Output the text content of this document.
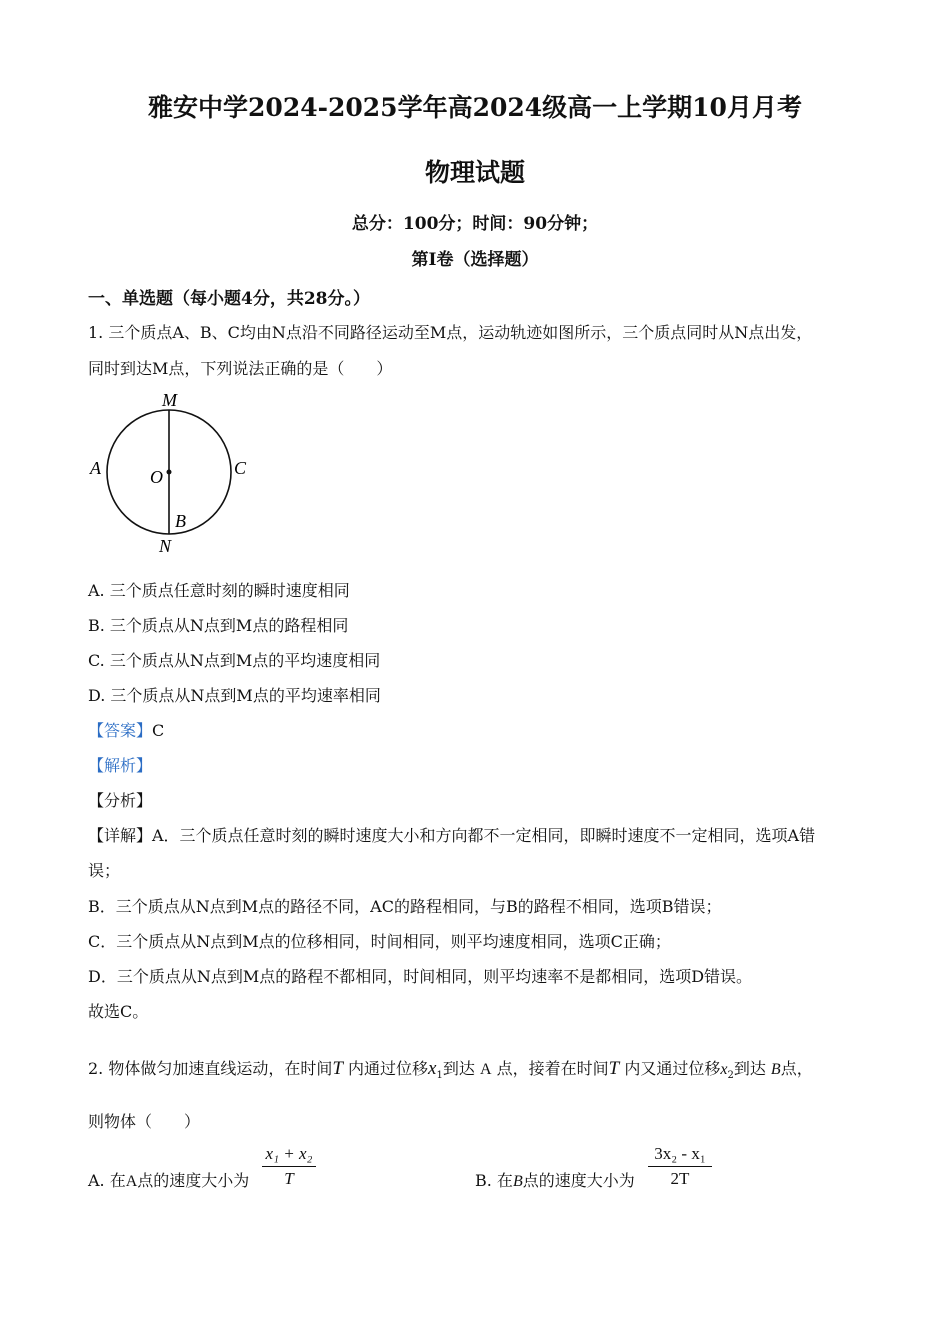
雅安中学2024-2025学年高2024级高一上学期10月月考
物理试题
总分：100分；时间：90分钟；
第I卷（选择题）
一、单选题（每小题4分，共28分。）
1. 三个质点A、B、C均由N点沿不同路径运动至M点，运动轨迹如图所示，三个质点同时从N点出发，
同时到达M点，下列说法正确的是（　　）
M
A	O	C
B
N
A. 三个质点任意时刻的瞬时速度相同
B. 三个质点从N点到M点的路程相同
C. 三个质点从N点到M点的平均速度相同
D. 三个质点从N点到M点的平均速率相同
【答案】C
【解析】
【分析】
【详解】A．三个质点任意时刻的瞬时速度大小和方向都不一定相同，即瞬时速度不一定相同，选项A错
误；
B．三个质点从N点到M点的路径不同，AC的路程相同，与B的路程不相同，选项B错误；
C．三个质点从N点到M点的位移相同，时间相同，则平均速度相同，选项C正确；
D．三个质点从N点到M点的路程不都相同，时间相同，则平均速率不是都相同，选项D错误。
故选C。
2. 物体做匀加速直线运动，在时间T 内通过位移$x_1$到达 A 点，接着在时间T 内又通过位移$x_2$到达 B点，
则物体（　　）
A. 在A点的速度大小为
x₁ + x₂
T	B. 在B点的速度大小为
3x₂ - x₁
2T
